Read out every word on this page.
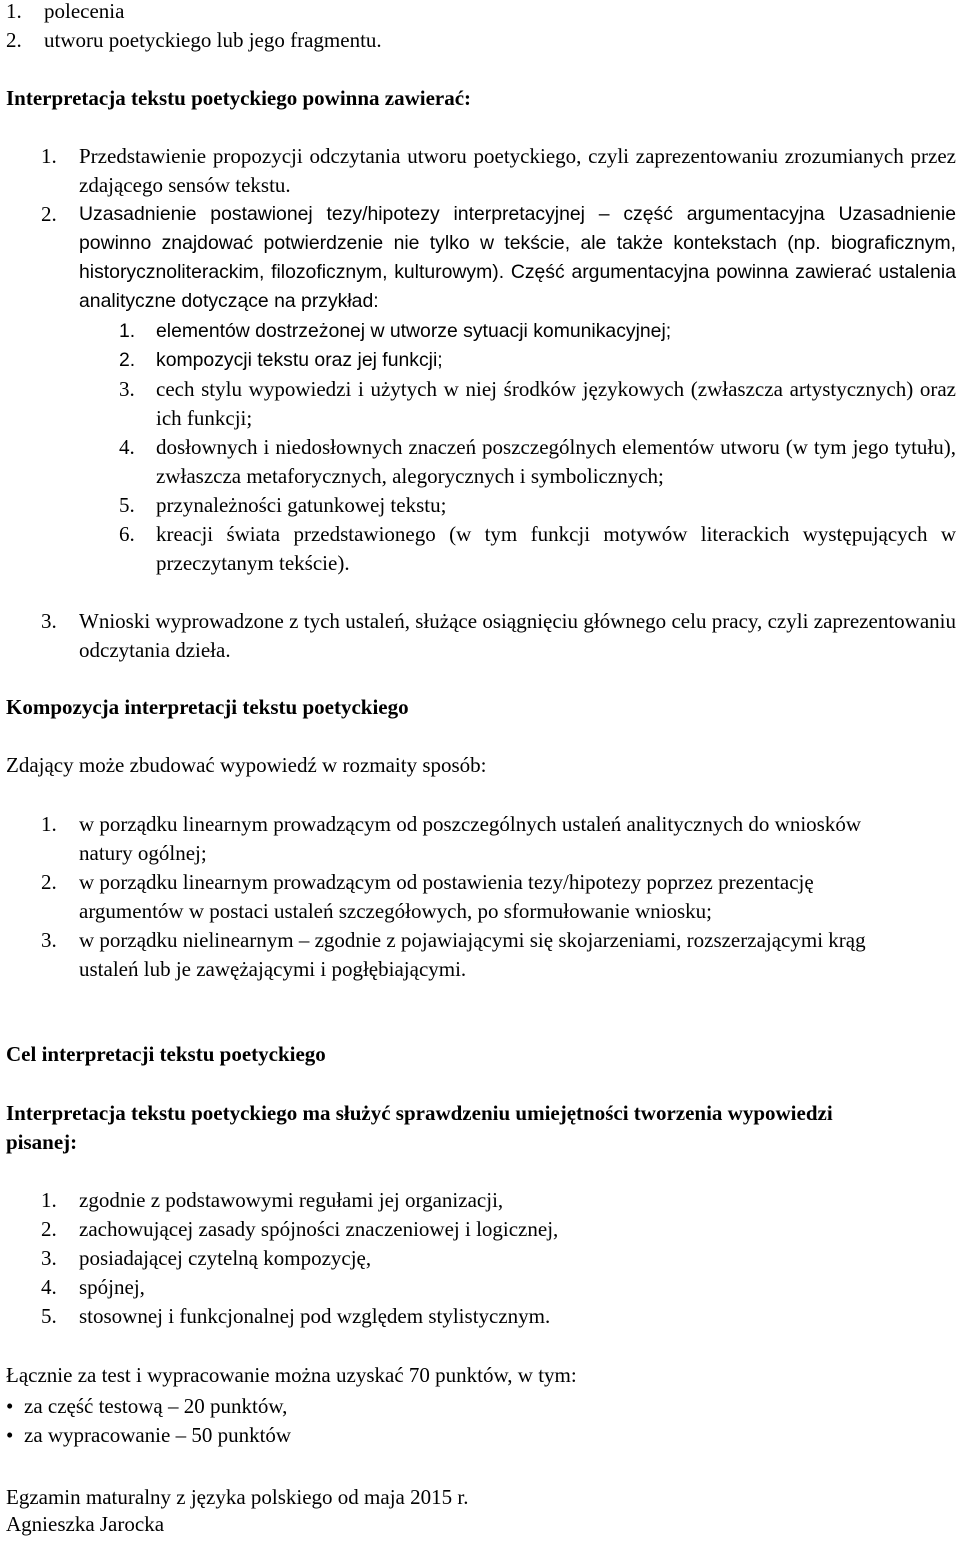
1. polecenia
2. utworu poetyckiego lub jego fragmentu.
Interpretacja tekstu poetyckiego powinna zawierać:
1. Przedstawienie propozycji odczytania utworu poetyckiego, czyli zaprezentowaniu zrozumianych przez zdającego sensów tekstu.
2. Uzasadnienie postawionej tezy/hipotezy interpretacyjnej – część argumentacyjna Uzasadnienie powinno znajdować potwierdzenie nie tylko w tekście, ale także kontekstach (np. biograficznym, historycznoliterackim, filozoficznym, kulturowym). Część argumentacyjna powinna zawierać ustalenia analityczne dotyczące na przykład:
1. elementów dostrzeżonej w utworze sytuacji komunikacyjnej;
2. kompozycji tekstu oraz jej funkcji;
3. cech stylu wypowiedzi i użytych w niej środków językowych (zwłaszcza artystycznych) oraz ich funkcji;
4. dosłownych i niedosłownych znaczeń poszczególnych elementów utworu (w tym jego tytułu), zwłaszcza metaforycznych, alegorycznych i symbolicznych;
5. przynależności gatunkowej tekstu;
6. kreacji świata przedstawionego (w tym funkcji motywów literackich występujących w przeczytanym tekście).
3. Wnioski wyprowadzone z tych ustaleń, służące osiągnięciu głównego celu pracy, czyli zaprezentowaniu odczytania dzieła.
Kompozycja interpretacji tekstu poetyckiego
Zdający może zbudować wypowiedź w rozmaity sposób:
1. w porządku linearnym prowadzącym od poszczególnych ustaleń analitycznych do wniosków natury ogólnej;
2. w porządku linearnym prowadzącym od postawienia tezy/hipotezy poprzez prezentację argumentów w postaci ustaleń szczegółowych, po sformułowanie wniosku;
3. w porządku nielinearnym – zgodnie z pojawiającymi się skojarzeniami, rozszerzającymi krąg ustaleń lub je zawężającymi i pogłębiającymi.
Cel interpretacji tekstu poetyckiego
Interpretacja tekstu poetyckiego ma służyć sprawdzeniu umiejętności tworzenia wypowiedzi pisanej:
1. zgodnie z podstawowymi regułami jej organizacji,
2. zachowującej zasady spójności znaczeniowej i logicznej,
3. posiadającej czytelną kompozycję,
4. spójnej,
5. stosownej i funkcjonalnej pod względem stylistycznym.
Łącznie za test i wypracowanie można uzyskać 70 punktów, w tym:
• za część testową – 20 punktów,
• za wypracowanie – 50 punktów
Egzamin maturalny z języka polskiego od maja 2015 r.
Agnieszka Jarocka
